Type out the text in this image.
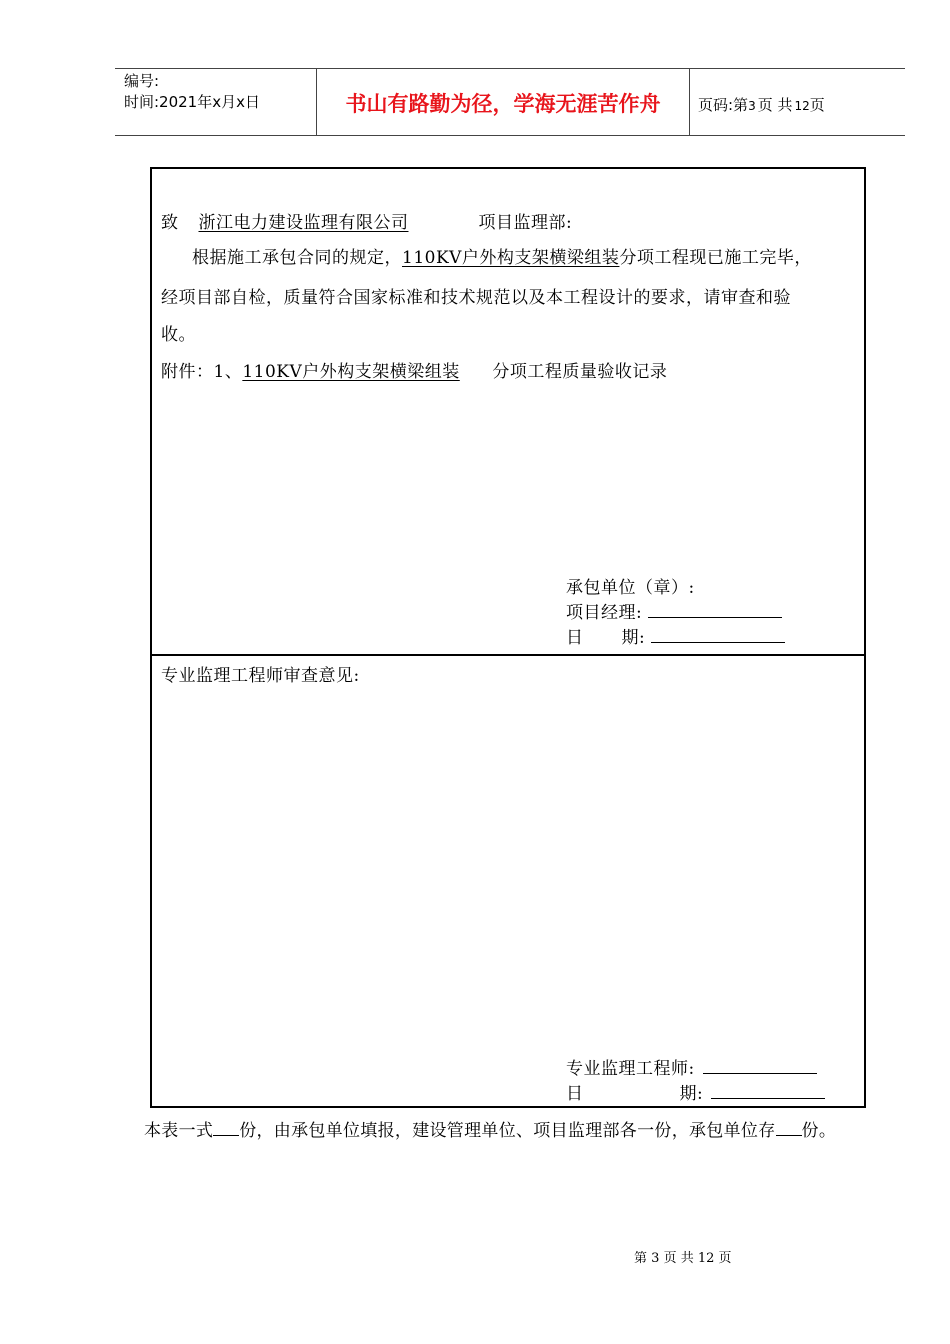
编号:
时间:2021年x月x日	书山有路勤为径，学海无涯苦作舟	页码:第3 页 共 12页
致 浙江电力建设监理有限公司	项目监理部:
根据施工承包合同的规定，110KV户外构支架横梁组装分项工程现已施工完毕，
经项目部自检，质量符合国家标准和技术规范以及本工程设计的要求，请审查和验
收。
附件：1、110KV户外构支架横梁组装 分项工程质量验收记录
承包单位（章）:
项目经理:
日 期:
专业监理工程师审查意见:
专业监理工程师:
日	期:
本表一式 份，由承包单位填报，建设管理单位、项目监理部各一份，承包单位存 份。
第 3 页 共 12 页
